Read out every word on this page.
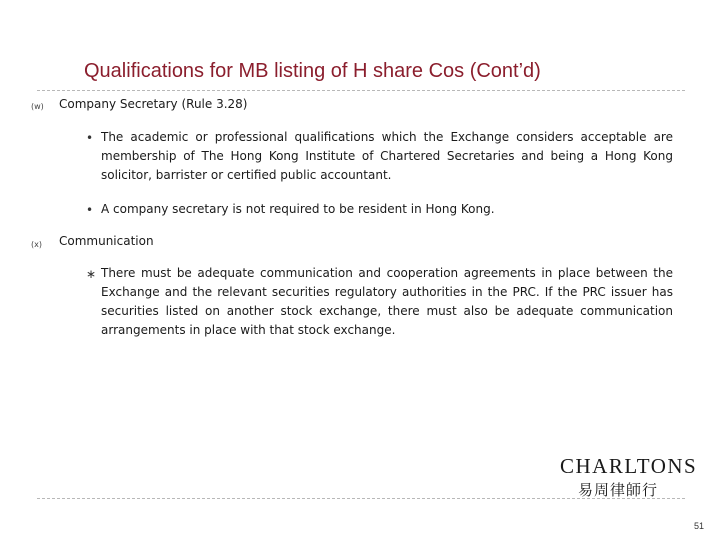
Qualifications for MB listing of H share Cos (Cont’d)
(w) Company Secretary (Rule 3.28)
• The academic or professional qualifications which the Exchange considers acceptable are membership of The Hong Kong Institute of Chartered Secretaries and being a Hong Kong solicitor, barrister or certified public accountant.
• A company secretary is not required to be resident in Hong Kong.
(x) Communication
∗ There must be adequate communication and cooperation agreements in place between the Exchange and the relevant securities regulatory authorities in the PRC. If the PRC issuer has securities listed on another stock exchange, there must also be adequate communication arrangements in place with that stock exchange.
CHARLTONS
易周律師行
51
